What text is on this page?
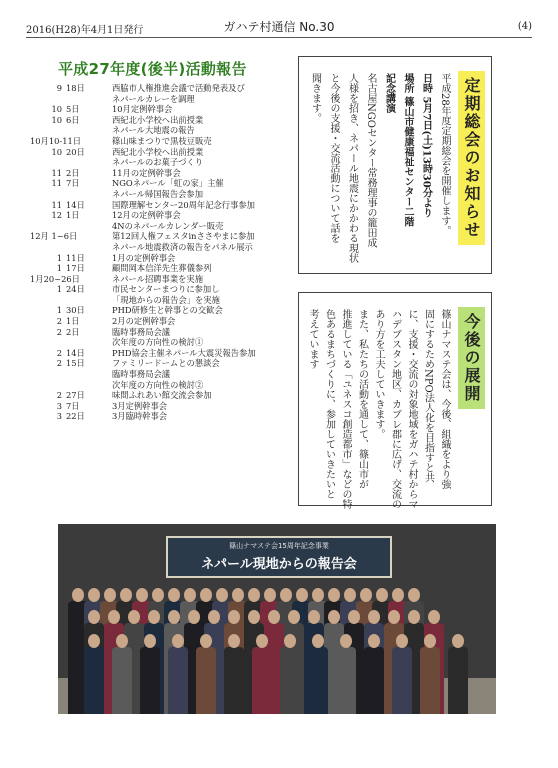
2016(H28)年4月1日発行	ガハテ村通信 No.30	(4)
平成27年度(後半)活動報告
9 18日	西脇市人権推進会議で活動発表及び
ネパールカレーを調理
10 5日	10月定例幹事会
10 6日	西紀北小学校へ出前授業
ネパール大地震の報告
10月10-11日	篠山味まつりで黒枝豆販売
10 20日	西紀北小学校へ出前授業
ネパールのお菓子づくり
11 2日	11月の定例幹事会
11 7日	NGOネパール「虹の家」主催
ネパール帰国報告会参加
11 14日	国際理解センター20周年記念行事参加
12 1日	12月の定例幹事会
4Nのネパールカレンダー販売
12月 1~6日	第12回人権フェスタinささやまに参加
ネパール地震救済の報告をパネル展示
1 11日	1月の定例幹事会
1 17日	顧問岡本信洋先生葬儀参列
1月20~26日	ネパール招聘事業を実施
1 24日	市民センターまつりに参加し
「現地からの報告会」を実施
1 30日	PHD研修生と幹事との交歓会
2 1日	2月の定例幹事会
2 2日	臨時事務局会議
次年度の方向性の検討①
2 14日	PHD協会主催ネパール大震災報告参加
2 15日	ファミリードームとの懇談会
臨時事務局会議
次年度の方向性の検討②
2 27日	味間ふれあい館交流会参加
3 7日	3月定例幹事会
3 22日	3月臨時幹事会
定期総会のお知らせ
平成28年度定期総会を開催します。
日時 5月7日(土)13時30分より
場所 篠山市健康福祉センター二階
記念講演
名古屋NGOセンター常務理事の籠田成
人様を招き、ネパール地震にかかわる現状
と今後の支援・交流活動について話を
聞きます。
今後の展開
篠山ナマステ会は、今後、組織をより強
固にするためNPO法人化を目指すと共
に、支援・交流の対象地域をガハテ村からマ
ハデブスタン地区、カブレ郡に広げ、交流の
あり方を工夫していきます。
また、私たちの活動を通して、篠山市が
推進している「ユネスコ創造都市」などの特
色あるまちづくりに、参加していきたいと
考えています
篠山ナマステ会15周年記念事業
ネパール現地からの報告会
